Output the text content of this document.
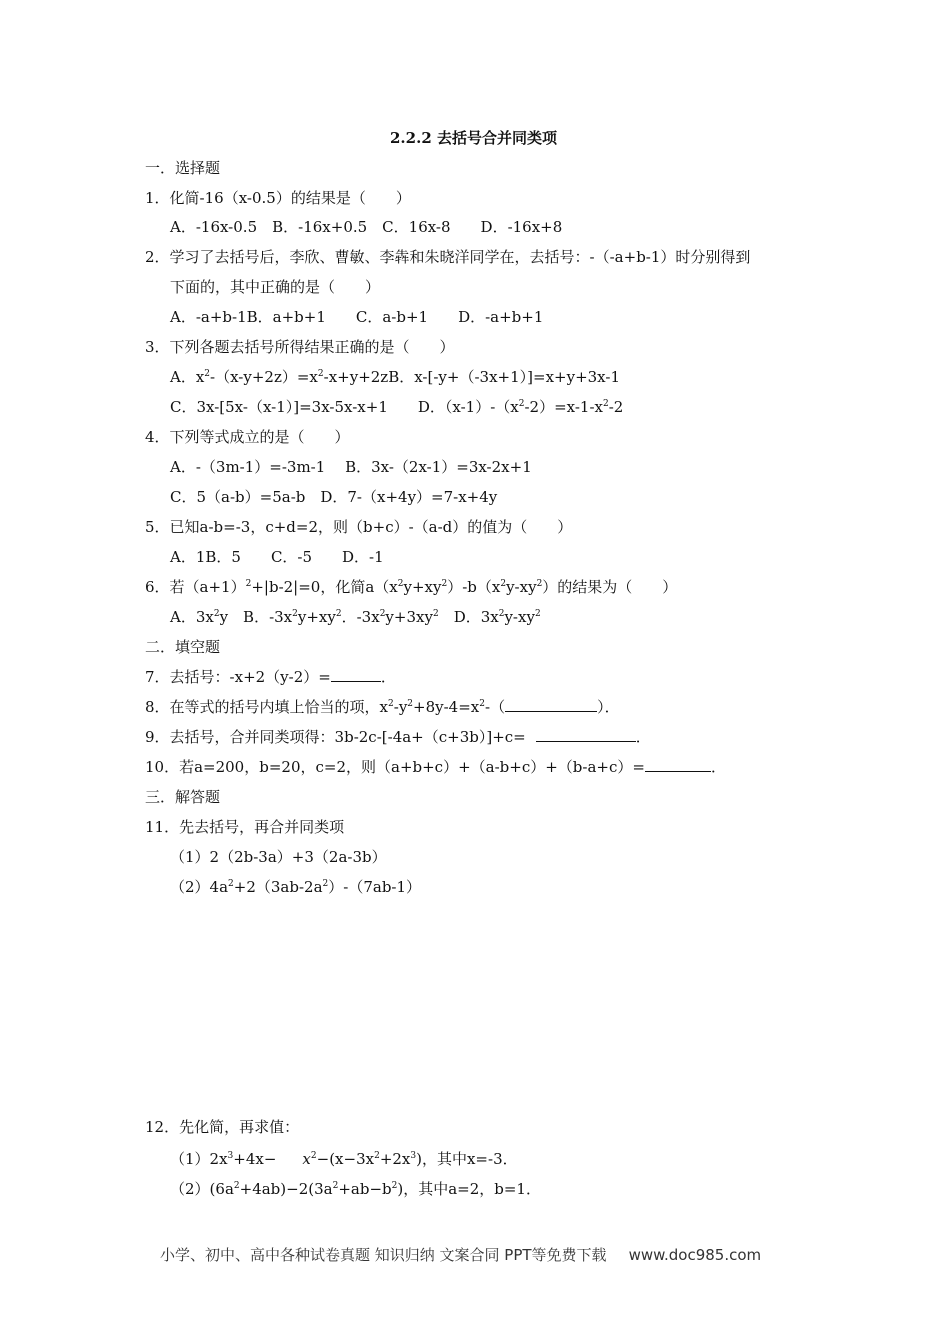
2.2.2 去括号合并同类项
一．选择题
1．化简-16（x-0.5）的结果是（　　）
A．-16x-0.5　B．-16x+0.5　C．16x-8　　D．-16x+8
2．学习了去括号后，李欣、曹敏、李犇和朱晓洋同学在，去括号：-（-a+b-1）时分别得到
下面的，其中正确的是（　　）
A．-a+b-1B．a+b+1　　C．a-b+1　　D．-a+b+1
3．下列各题去括号所得结果正确的是（　　）
A．$x^2-(x-y+2z)=x^2-x+y+2zB$．x-[-y+（-3x+1）]=x+y+3x-1
C．3x-[5x-（x-1）]=3x-5x-x+1　　D．$(x-1)-(x^2-2)=x-1-x^2-2$
4．下列等式成立的是（　　）
A．-（3m-1）=-3m-1　 B．3x-（2x-1）=3x-2x+1
C．5（a-b）=5a-b　D．7-（x+4y）=7-x+4y
5．已知a-b=-3，c+d=2，则（b+c）-（a-d）的值为（　　）
A．1B．5　　C．-5　　D．-1
6．若$(a+1)^2+|b-2|=0$，化简$a(x^2y+xy^2)-b(x^2y-xy^2)$的结果为（　　）
A．$3x^2y$　B．$-3x^2y+xy^2$．$-3x^2y+3xy^2$　D．$3x^2y-xy^2$
二．填空题
7．去括号：-x+2（y-2）=	．
8．在等式的括号内填上恰当的项，$x^2-y^2+8y-4=x^2-$（	）．
9．去括号，合并同类项得：3b-2c-[-4a+（c+3b）]+c=	．
10．若a=200，b=20，c=2，则（a+b+c）+（a-b+c）+（b-a+c）=	．
三．解答题
11．先去括号，再合并同类项
（1）2（2b-3a）+3（2a-3b）
$(2)4a^2+2(3ab-2a^2)-(7ab-1)$
12．先化简，再求值：
$(1)2x^3+4x- x^2-(x-3x^2+2x^3)$，其中x=-3．
$(2)(6a^2+4ab)-2(3a^2+ab-b^2)$，其中a=2，b=1．
小学、初中、高中各种试卷真题 知识归纳 文案合同 PPT等免费下载 www.doc985.com
